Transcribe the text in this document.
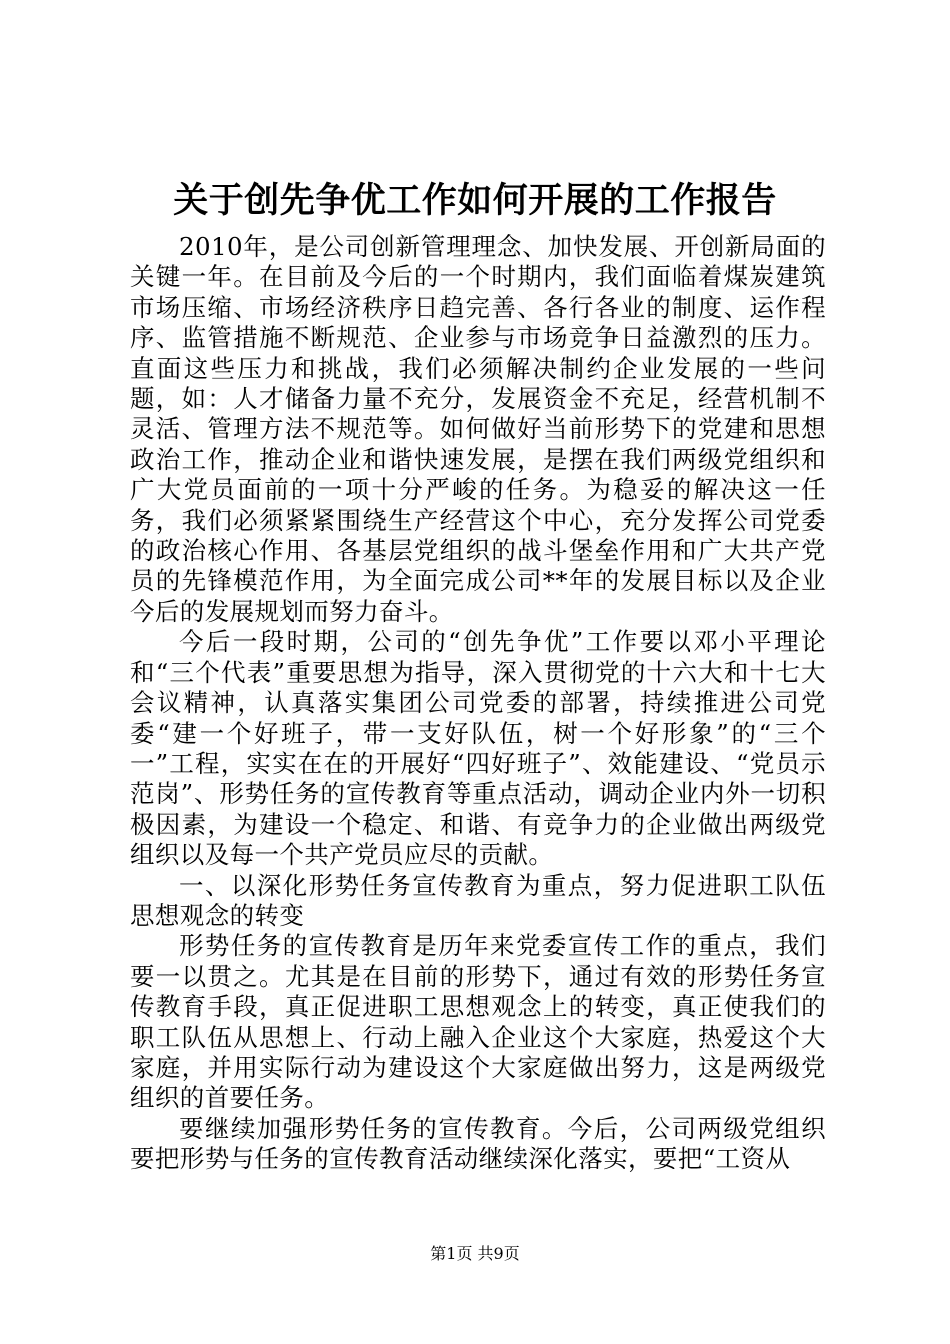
关于创先争优工作如何开展的工作报告

2010年，是公司创新管理理念、加快发展、开创新局面的关键一年。在目前及今后的一个时期内，我们面临着煤炭建筑市场压缩、市场经济秩序日趋完善、各行各业的制度、运作程序、监管措施不断规范、企业参与市场竞争日益激烈的压力。直面这些压力和挑战，我们必须解决制约企业发展的一些问题，如：人才储备力量不充分，发展资金不充足，经营机制不灵活、管理方法不规范等。如何做好当前形势下的党建和思想政治工作，推动企业和谐快速发展，是摆在我们两级党组织和广大党员面前的一项十分严峻的任务。为稳妥的解决这一任务，我们必须紧紧围绕生产经营这个中心，充分发挥公司党委的政治核心作用、各基层党组织的战斗堡垒作用和广大共产党员的先锋模范作用，为全面完成公司**年的发展目标以及企业今后的发展规划而努力奋斗。

今后一段时期，公司的“创先争优”工作要以邓小平理论和“三个代表”重要思想为指导，深入贯彻党的十六大和十七大会议精神，认真落实集团公司党委的部署，持续推进公司党委“建一个好班子，带一支好队伍，树一个好形象”的“三个一”工程，实实在在的开展好“四好班子”、效能建设、“党员示范岗”、形势任务的宣传教育等重点活动，调动企业内外一切积极因素，为建设一个稳定、和谐、有竞争力的企业做出两级党组织以及每一个共产党员应尽的贡献。

一、以深化形势任务宣传教育为重点，努力促进职工队伍思想观念的转变

形势任务的宣传教育是历年来党委宣传工作的重点，我们要一以贯之。尤其是在目前的形势下，通过有效的形势任务宣传教育手段，真正促进职工思想观念上的转变，真正使我们的职工队伍从思想上、行动上融入企业这个大家庭，热爱这个大家庭，并用实际行动为建设这个大家庭做出努力，这是两级党组织的首要任务。

要继续加强形势任务的宣传教育。今后，公司两级党组织要把形势与任务的宣传教育活动继续深化落实，要把“工资从

第1页 共9页
